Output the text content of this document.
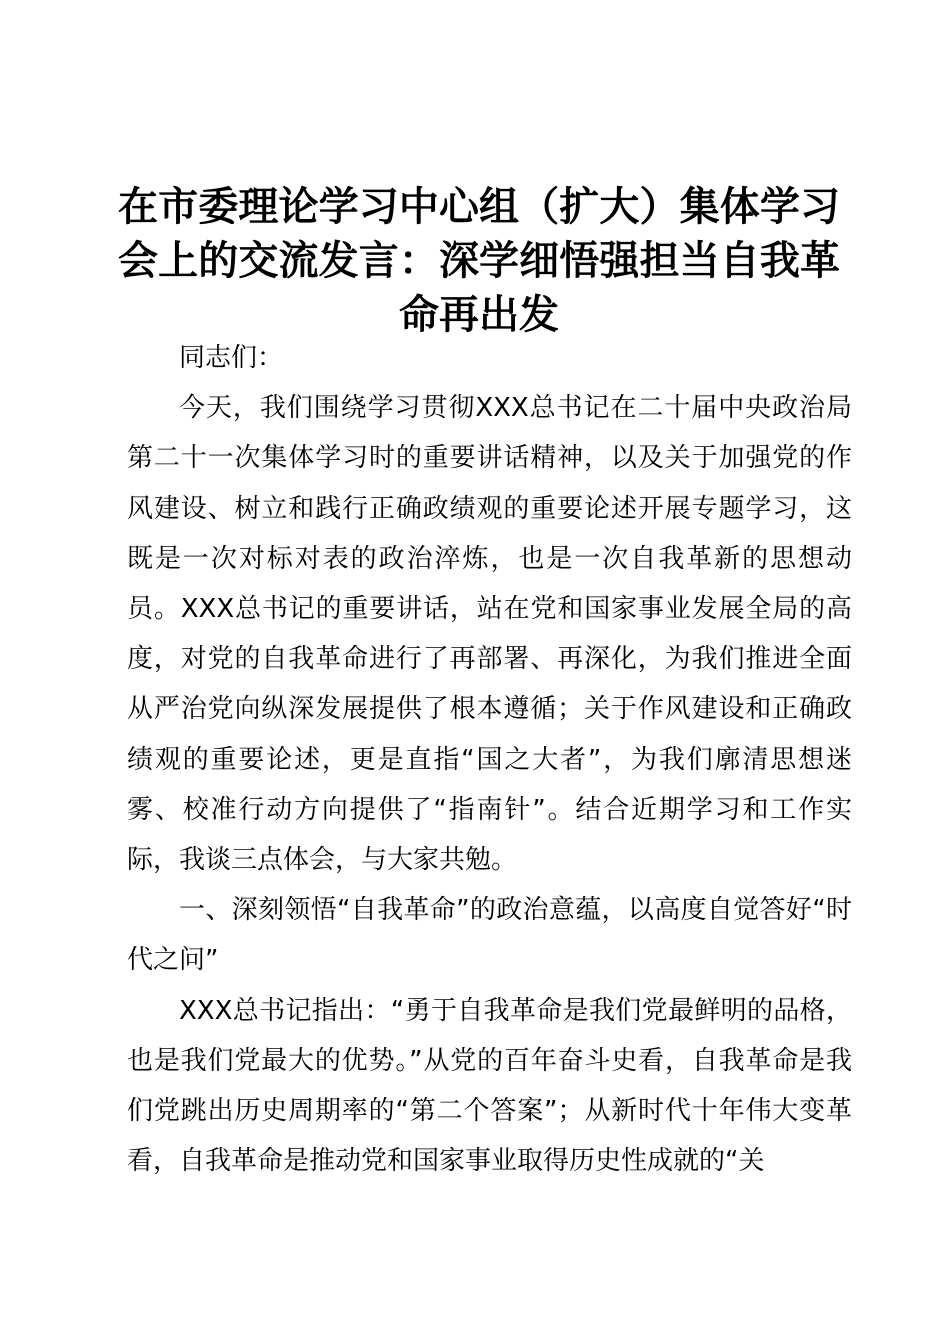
在市委理论学习中心组（扩大）集体学习会上的交流发言：深学细悟强担当自我革命再出发

同志们：

今天，我们围绕学习贯彻XXX总书记在二十届中央政治局第二十一次集体学习时的重要讲话精神，以及关于加强党的作风建设、树立和践行正确政绩观的重要论述开展专题学习，这既是一次对标对表的政治淬炼，也是一次自我革新的思想动员。XXX总书记的重要讲话，站在党和国家事业发展全局的高度，对党的自我革命进行了再部署、再深化，为我们推进全面从严治党向纵深发展提供了根本遵循；关于作风建设和正确政绩观的重要论述，更是直指“国之大者”，为我们廓清思想迷雾、校准行动方向提供了“指南针”。结合近期学习和工作实际，我谈三点体会，与大家共勉。

一、深刻领悟“自我革命”的政治意蕴，以高度自觉答好“时代之问”

XXX总书记指出：“勇于自我革命是我们党最鲜明的品格，也是我们党最大的优势。”从党的百年奋斗史看，自我革命是我们党跳出历史周期率的“第二个答案”；从新时代十年伟大变革看，自我革命是推动党和国家事业取得历史性成就的“关
